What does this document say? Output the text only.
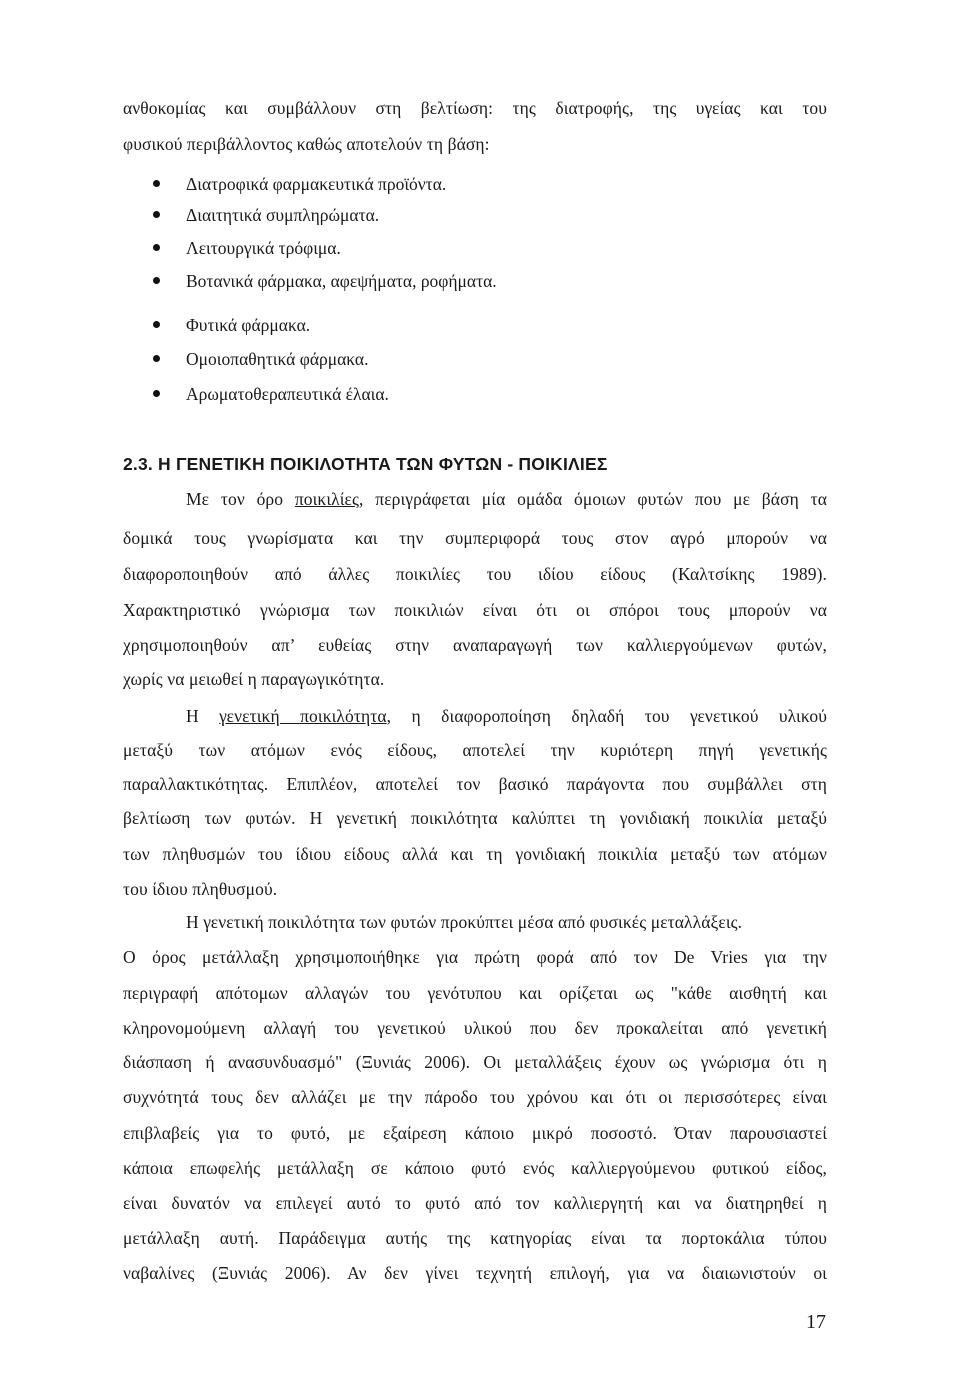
ανθοκομίας και συμβάλλουν στη βελτίωση: της διατροφής, της υγείας και του
φυσικού περιβάλλοντος καθώς αποτελούν τη βάση:
Διατροφικά φαρμακευτικά προϊόντα.
Διαιτητικά συμπληρώματα.
Λειτουργικά τρόφιμα.
Βοτανικά φάρμακα, αφεψήματα, ροφήματα.
Φυτικά φάρμακα.
Ομοιοπαθητικά φάρμακα.
Αρωματοθεραπευτικά έλαια.
2.3. Η ΓΕΝΕΤΙΚΗ ΠΟΙΚΙΛΟΤΗΤΑ ΤΩΝ ΦΥΤΩΝ - ΠΟΙΚΙΛΙΕΣ
Με τον όρο ποικιλίες, περιγράφεται μία ομάδα όμοιων φυτών που με βάση τα
δομικά τους γνωρίσματα και την συμπεριφορά τους στον αγρό μπορούν να
διαφοροποιηθούν από άλλες ποικιλίες του ιδίου είδους (Καλτσίκης 1989).
Χαρακτηριστικό γνώρισμα των ποικιλιών είναι ότι οι σπόροι τους μπορούν να
χρησιμοποιηθούν απ’ ευθείας στην αναπαραγωγή των καλλιεργούμενων φυτών,
χωρίς να μειωθεί η παραγωγικότητα.
Η γενετική ποικιλότητα, η διαφοροποίηση δηλαδή του γενετικού υλικού
μεταξύ των ατόμων ενός είδους, αποτελεί την κυριότερη πηγή γενετικής
παραλλακτικότητας. Επιπλέον, αποτελεί τον βασικό παράγοντα που συμβάλλει στη
βελτίωση των φυτών. Η γενετική ποικιλότητα καλύπτει τη γονιδιακή ποικιλία μεταξύ
των πληθυσμών του ίδιου είδους αλλά και τη γονιδιακή ποικιλία μεταξύ των ατόμων
του ίδιου πληθυσμού.
Η γενετική ποικιλότητα των φυτών προκύπτει μέσα από φυσικές μεταλλάξεις.
Ο όρος μετάλλαξη χρησιμοποιήθηκε για πρώτη φορά από τον De Vries για την
περιγραφή απότομων αλλαγών του γενότυπου και ορίζεται ως "κάθε αισθητή και
κληρονομούμενη αλλαγή του γενετικού υλικού που δεν προκαλείται από γενετική
διάσπαση ή ανασυνδυασμό" (Ξυνιάς 2006). Οι μεταλλάξεις έχουν ως γνώρισμα ότι η
συχνότητά τους δεν αλλάζει με την πάροδο του χρόνου και ότι οι περισσότερες είναι
επιβλαβείς για το φυτό, με εξαίρεση κάποιο μικρό ποσοστό. Όταν παρουσιαστεί
κάποια επωφελής μετάλλαξη σε κάποιο φυτό ενός καλλιεργούμενου φυτικού είδος,
είναι δυνατόν να επιλεγεί αυτό το φυτό από τον καλλιεργητή και να διατηρηθεί η
μετάλλαξη αυτή. Παράδειγμα αυτής της κατηγορίας είναι τα πορτοκάλια τύπου
ναβαλίνες (Ξυνιάς 2006). Αν δεν γίνει τεχνητή επιλογή, για να διαιωνιστούν οι
17
